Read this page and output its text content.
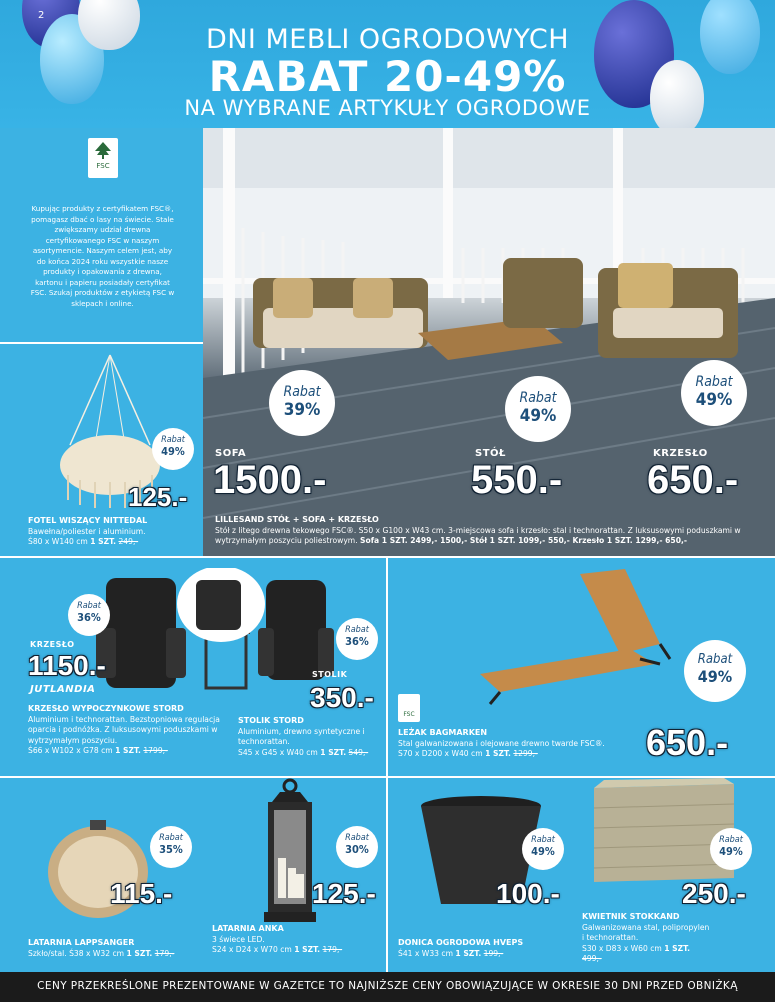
2
DNI MEBLI OGRODOWYCH
RABAT 20-49%
NA WYBRANE ARTYKUŁY OGRODOWE
FSC
Kupując produkty z certyfikatem FSC®, pomagasz dbać o lasy na świecie. Stale zwiększamy udział drewna certyfikowanego FSC w naszym asortymencie. Naszym celem jest, aby do końca 2024 roku wszystkie nasze produkty i opakowania z drewna, kartonu i papieru posiadały certyfikat FSC. Szukaj produktów z etykietą FSC w sklepach i online.
Rabat
39%
Rabat
49%
Rabat
49%
SOFA
1500.-
STÓŁ
550.-
KRZESŁO
650.-
LILLESAND STÓŁ + SOFA + KRZESŁO
Stół z litego drewna tekowego FSC®. S50 x G100 x W43 cm. 3-miejscowa sofa i krzesło: stal i technorattan. Z luksusowymi poduszkami w wytrzymałym poszyciu poliestrowym. Sofa 1 SZT. 2499,- 1500,- Stół 1 SZT. 1099,- 550,- Krzesło 1 SZT. 1299,- 650,-
Rabat
49%
125.-
FOTEL WISZĄCY NITTEDAL
Bawełna/poliester i aluminium.
Ś80 x W140 cm 1 SZT. 249,-
Rabat
36%
Rabat
36%
KRZESŁO
1150.-
JUTLANDIA
STOLIK
350.-
KRZESŁO WYPOCZYNKOWE STORD
Aluminium i technorattan. Bezstopniowa regulacja oparcia i podnóżka. Z luksusowymi poduszkami w wytrzymałym poszyciu.
Ś66 x W102 x G78 cm 1 SZT. 1799,-
STOLIK STORD
Aluminium, drewno syntetyczne i technorattan.
S45 x G45 x W40 cm 1 SZT. 549,-
Rabat
49%
FSC
LEŻAK BAGMARKEN
Stal galwanizowana i olejowane drewno twarde FSC®.
S70 x D200 x W40 cm 1 SZT. 1299,-	650.-
Rabat
35%
115.-
LATARNIA LAPPSANGER
Szkło/stal. Ś38 x W32 cm 1 SZT. 179,-
Rabat
30%
125.-
LATARNIA ANKA
3 świece LED.
S24 x D24 x W70 cm 1 SZT. 179,-
Rabat
49%
100.-
DONICA OGRODOWA HVEPS
Ś41 x W33 cm 1 SZT. 199,-
Rabat
49%
250.-
KWIETNIK STOKKAND
Galwanizowana stal, polipropylen i technorattan.
S30 x D83 x W60 cm 1 SZT. 499,-
CENY PRZEKREŚLONE PREZENTOWANE W GAZETCE TO NAJNIŻSZE CENY OBOWIĄZUJĄCE W OKRESIE 30 DNI PRZED OBNIŻKĄ
